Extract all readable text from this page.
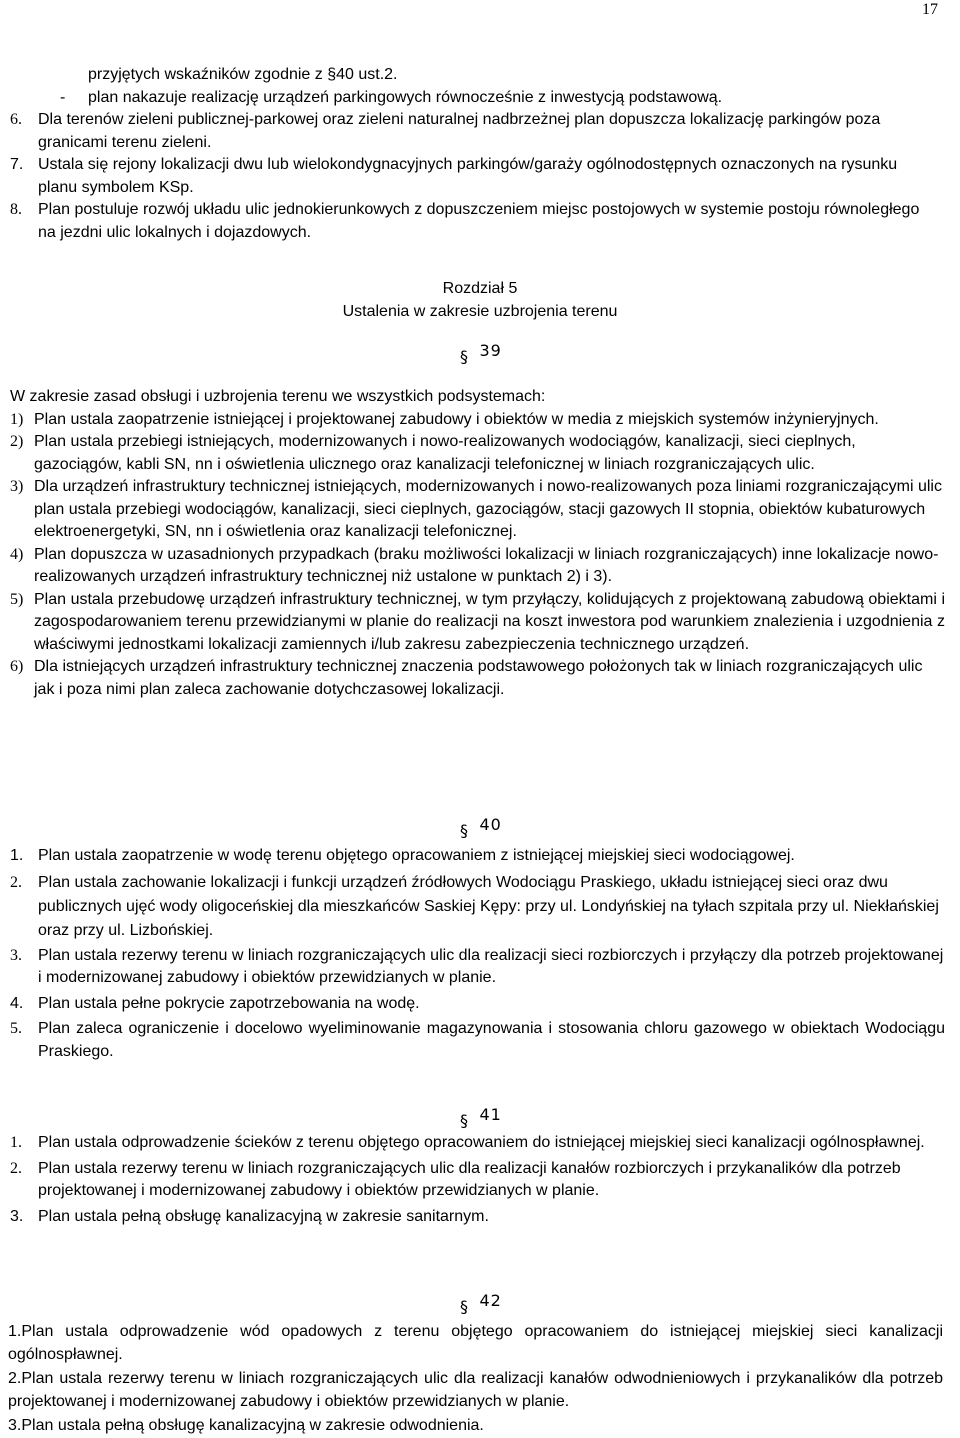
17
przyjętych wskaźników zgodnie z §40 ust.2.
- plan nakazuje realizację urządzeń parkingowych równocześnie z inwestycją podstawową.
6. Dla terenów zieleni publicznej-parkowej oraz zieleni naturalnej nadbrzeżnej plan dopuszcza lokalizację parkingów poza granicami terenu zieleni.
7. Ustala się rejony lokalizacji dwu lub wielokondygnacyjnych parkingów/garaży ogólnodostępnych oznaczonych na rysunku planu symbolem KSp.
8. Plan postuluje rozwój układu ulic jednokierunkowych z dopuszczeniem miejsc postojowych w systemie postoju równoległego na jezdni ulic lokalnych i dojazdowych.
Rozdział 5
Ustalenia w zakresie uzbrojenia terenu
§ 39
W zakresie zasad obsługi i uzbrojenia terenu we wszystkich podsystemach:
1) Plan ustala zaopatrzenie istniejącej i projektowanej zabudowy i obiektów w media z miejskich systemów inżynieryjnych.
2) Plan ustala przebiegi istniejących, modernizowanych i nowo-realizowanych wodociągów, kanalizacji, sieci cieplnych, gazociągów, kabli SN, nn i oświetlenia ulicznego oraz kanalizacji telefonicznej w liniach rozgraniczających ulic.
3) Dla urządzeń infrastruktury technicznej istniejących, modernizowanych i nowo-realizowanych poza liniami rozgraniczającymi ulic plan ustala przebiegi wodociągów, kanalizacji, sieci cieplnych, gazociągów, stacji gazowych II stopnia, obiektów kubaturowych elektroenergetyki, SN, nn i oświetlenia oraz kanalizacji telefonicznej.
4) Plan dopuszcza w uzasadnionych przypadkach (braku możliwości lokalizacji w liniach rozgraniczających) inne lokalizacje nowo-realizowanych urządzeń infrastruktury technicznej niż ustalone w punktach 2) i 3).
5) Plan ustala przebudowę urządzeń infrastruktury technicznej, w tym przyłączy, kolidujących z projektowaną zabudową obiektami i zagospodarowaniem terenu przewidzianymi w planie do realizacji na koszt inwestora pod warunkiem znalezienia i uzgodnienia z właściwymi jednostkami lokalizacji zamiennych i/lub zakresu zabezpieczenia technicznego urządzeń.
6) Dla istniejących urządzeń infrastruktury technicznej znaczenia podstawowego położonych tak w liniach rozgraniczających ulic jak i poza nimi plan zaleca zachowanie dotychczasowej lokalizacji.
§ 40
1. Plan ustala zaopatrzenie w wodę terenu objętego opracowaniem z istniejącej miejskiej sieci wodociągowej.
2. Plan ustala zachowanie lokalizacji i funkcji urządzeń źródłowych Wodociągu Praskiego, układu istniejącej sieci oraz dwu publicznych ujęć wody oligoceńskiej dla mieszkańców Saskiej Kępy: przy ul. Londyńskiej na tyłach szpitala przy ul. Niekłańskiej oraz przy ul. Lizbońskiej.
3. Plan ustala rezerwy terenu w liniach rozgraniczających ulic dla realizacji sieci rozbiorczych i przyłączy dla potrzeb projektowanej i modernizowanej zabudowy i obiektów przewidzianych w planie.
4. Plan ustala pełne pokrycie zapotrzebowania na wodę.
5. Plan zaleca ograniczenie i docelowo wyeliminowanie magazynowania i stosowania chloru gazowego w obiektach Wodociągu Praskiego.
§ 41
1. Plan ustala odprowadzenie ścieków z terenu objętego opracowaniem do istniejącej miejskiej sieci kanalizacji ogólnospławnej.
2. Plan ustala rezerwy terenu w liniach rozgraniczających ulic dla realizacji kanałów rozbiorczych i przykanalików dla potrzeb projektowanej i modernizowanej zabudowy i obiektów przewidzianych w planie.
3. Plan ustala pełną obsługę kanalizacyjną w zakresie sanitarnym.
§ 42
1.Plan ustala odprowadzenie wód opadowych z terenu objętego opracowaniem do istniejącej miejskiej sieci kanalizacji ogólnospławnej.
2.Plan ustala rezerwy terenu w liniach rozgraniczających ulic dla realizacji kanałów odwodnieniowych i przykanalików dla potrzeb projektowanej i modernizowanej zabudowy i obiektów przewidzianych w planie.
3.Plan ustala pełną obsługę kanalizacyjną w zakresie odwodnienia.
